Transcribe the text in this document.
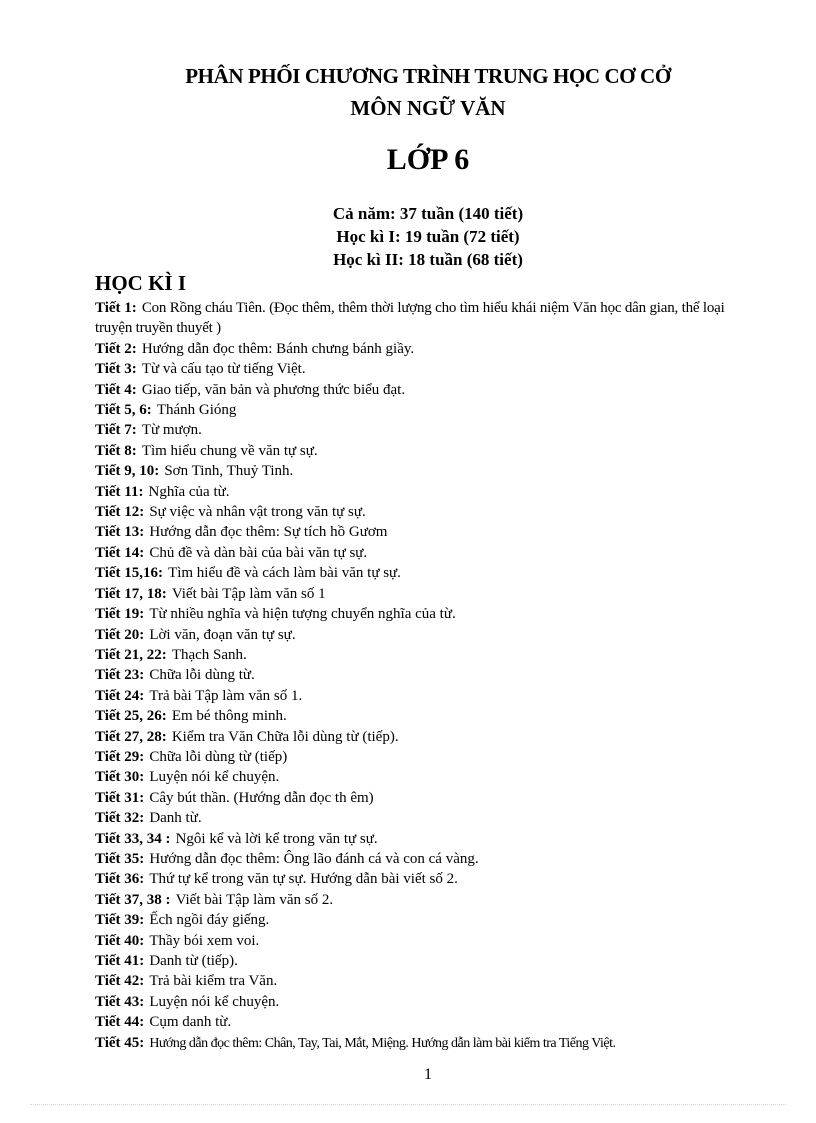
PHÂN PHỐI CHƯƠNG TRÌNH TRUNG HỌC CƠ CỞ
MÔN NGỮ VĂN
LỚP 6
Cả năm: 37 tuần (140 tiết)
Học kì I: 19 tuần (72 tiết)
Học kì II: 18 tuần (68 tiết)
HỌC KÌ I
Tiết 1: Con Rồng cháu Tiên. (Đọc thêm, thêm thời lượng cho tìm hiểu khái niệm Văn học dân gian, thể loại truyện truyền thuyết )
Tiết 2: Hướng dẫn đọc thêm: Bánh chưng bánh giầy.
Tiết 3: Từ và cấu tạo từ tiếng Việt.
Tiết 4: Giao tiếp, văn bản và phương thức biểu đạt.
Tiết 5, 6: Thánh Gióng
Tiết 7: Từ mượn.
Tiết 8: Tìm hiểu chung về văn tự sự.
Tiết 9, 10: Sơn Tinh, Thuỷ Tinh.
Tiết 11: Nghĩa của từ.
Tiết 12: Sự việc và nhân vật trong văn tự sự.
Tiết 13: Hướng dẫn đọc thêm: Sự tích hồ Gươm
Tiết 14: Chủ đề và dàn bài của bài văn tự sự.
Tiết 15,16: Tìm hiểu đề và cách làm bài văn tự sự.
Tiết 17, 18: Viết bài Tập làm văn số 1
Tiết 19: Từ nhiều nghĩa và hiện tượng chuyển nghĩa của từ.
Tiết 20: Lời văn, đoạn văn tự sự.
Tiết 21, 22: Thạch Sanh.
Tiết 23: Chữa lỗi dùng từ.
Tiết 24: Trả bài Tập làm văn số 1.
Tiết 25, 26: Em bé thông minh.
Tiết 27, 28: Kiểm tra Văn Chữa lỗi dùng từ (tiếp).
Tiết 29: Chữa lỗi dùng từ (tiếp)
Tiết 30: Luyện nói kể chuyện.
Tiết 31: Cây bút thần. (Hướng dẫn đọc th êm)
Tiết 32: Danh từ.
Tiết 33, 34 : Ngôi kể và lời kể trong văn tự sự.
Tiết 35: Hướng dẫn đọc thêm: Ông lão đánh cá và con cá vàng.
Tiết 36: Thứ tự kể trong văn tự sự. Hướng dẫn bài viết số 2.
Tiết 37, 38 : Viết bài Tập làm văn số 2.
Tiết 39: Ếch ngồi đáy giếng.
Tiết 40: Thầy bói xem voi.
Tiết 41: Danh từ (tiếp).
Tiết 42: Trả bài kiểm tra Văn.
Tiết 43: Luyện nói kể chuyện.
Tiết 44: Cụm danh từ.
Tiết 45: Hướng dẫn đọc thêm: Chân, Tay, Tai, Mắt, Miệng. Hướng dẫn làm bài kiểm tra Tiếng Việt.
1
